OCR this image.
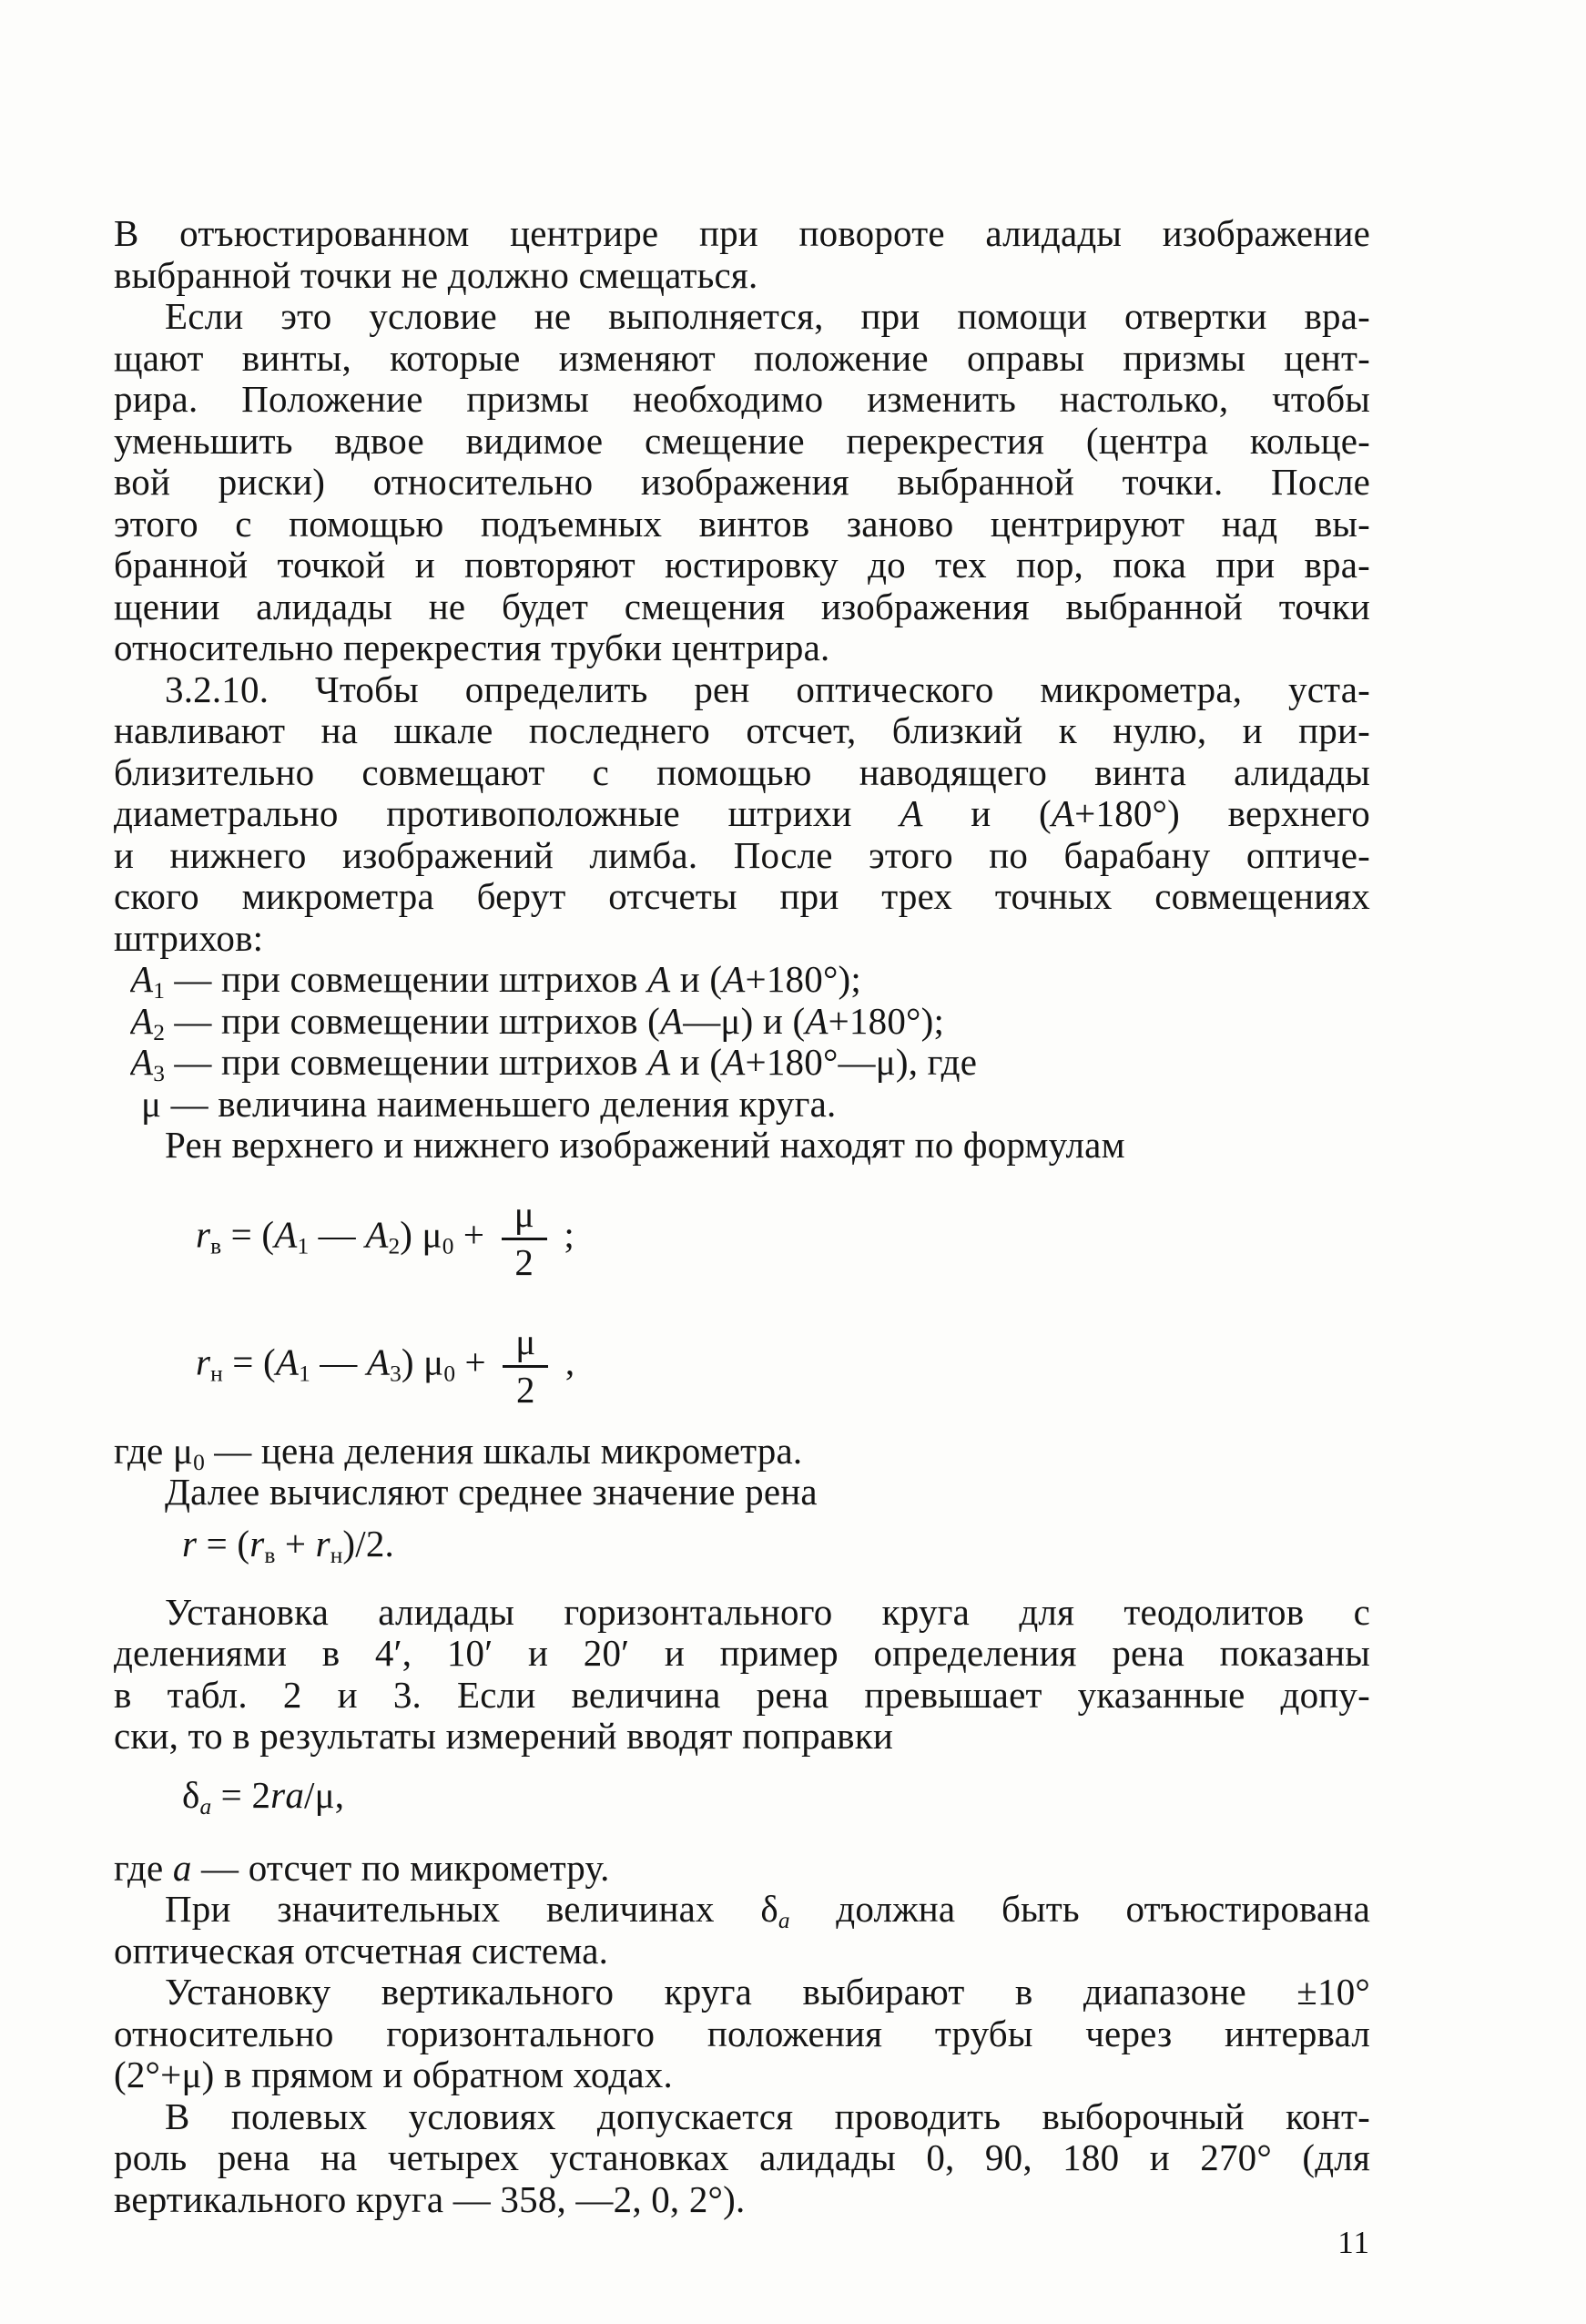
В отъюстированном центрире при повороте алидады изображение
выбранной точки не должно смещаться.
Если это условие не выполняется, при помощи отвертки вра-
щают винты, которые изменяют положение оправы призмы цент-
рира. Положение призмы необходимо изменить настолько, чтобы
уменьшить вдвое видимое смещение перекрестия (центра кольце-
вой риски) относительно изображения выбранной точки. После
этого с помощью подъемных винтов заново центрируют над вы-
бранной точкой и повторяют юстировку до тех пор, пока при вра-
щении алидады не будет смещения изображения выбранной точки
относительно перекрестия трубки центрира.
3.2.10. Чтобы определить рен оптического микрометра, уста-
навливают на шкале последнего отсчет, близкий к нулю, и при-
близительно совмещают с помощью наводящего винта алидады
диаметрально противоположные штрихи А и (А+180°) верхнего
и нижнего изображений лимба. После этого по барабану оптиче-
ского микрометра берут отсчеты при трех точных совмещениях
штрихов:
А1 — при совмещении штрихов А и (А+180°);
А2 — при совмещении штрихов (А—μ) и (А+180°);
А3 — при совмещении штрихов А и (А+180°—μ), где
μ — величина наименьшего деления круга.
Рен верхнего и нижнего изображений находят по формулам
rв = (A1 — A2) $\mu 0 + \frac{\mu}{2}$ ;
rн = (A1 — A3) $\mu 0 + \frac{\mu}{2}$ ,
где μ0 — цена деления шкалы микрометра.
Далее вычисляют среднее значение рена
r = (rв + rн)/2.
Установка алидады горизонтального круга для теодолитов с
делениями в 4′, 10′ и 20′ и пример определения рена показаны
в табл. 2 и 3. Если величина рена превышает указанные допу-
ски, то в результаты измерений вводят поправки
δa = 2ra/μ,
где а — отсчет по микрометру.
При значительных величинах δa должна быть отъюстирована
оптическая отсчетная система.
Установку вертикального круга выбирают в диапазоне ±10°
относительно горизонтального положения трубы через интервал
(2°+μ) в прямом и обратном ходах.
В полевых условиях допускается проводить выборочный конт-
роль рена на четырех установках алидады 0, 90, 180 и 270° (для
вертикального круга — 358, —2, 0, 2°).
11
